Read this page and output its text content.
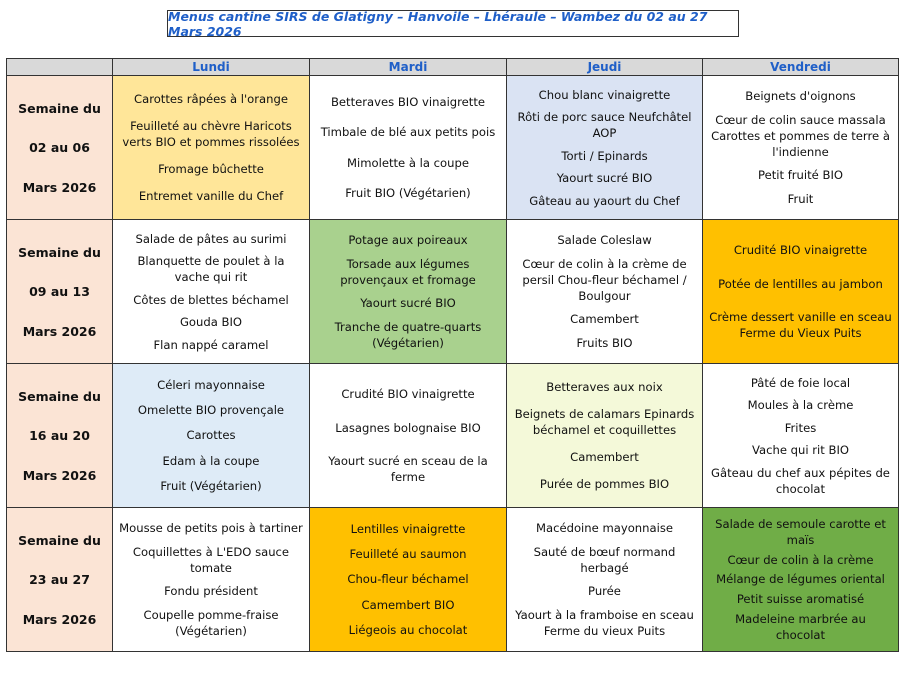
Menus cantine SIRS de Glatigny – Hanvoile – Lhéraule – Wambez du 02 au 27 Mars 2026
	Lundi	Mardi	Jeudi	Vendredi

Semaine du
02 au 06
Mars 2026	Carottes râpées à l'orange
Feuilleté au chèvre Haricots verts BIO et pommes rissolées
Fromage bûchette
Entremet vanille du Chef	Betteraves BIO vinaigrette
Timbale de blé aux petits pois
Mimolette à la coupe
Fruit BIO (Végétarien)	Chou blanc vinaigrette
Rôti de porc sauce Neufchâtel AOP
Torti / Epinards
Yaourt sucré BIO
Gâteau au yaourt du Chef	Beignets d'oignons
Cœur de colin sauce massala Carottes et pommes de terre à l'indienne
Petit fruité BIO
Fruit

Semaine du
09 au 13
Mars 2026	Salade de pâtes au surimi
Blanquette de poulet à la vache qui rit
Côtes de blettes béchamel
Gouda BIO
Flan nappé caramel	Potage aux poireaux
Torsade aux légumes provençaux et fromage
Yaourt sucré BIO
Tranche de quatre-quarts (Végétarien)	Salade Coleslaw
Cœur de colin à la crème de persil Chou-fleur béchamel / Boulgour
Camembert
Fruits BIO	Crudité BIO vinaigrette
Potée de lentilles au jambon
Crème dessert vanille en sceau Ferme du Vieux Puits

Semaine du
16 au 20
Mars 2026	Céleri mayonnaise
Omelette BIO provençale
Carottes
Edam à la coupe
Fruit (Végétarien)	Crudité BIO vinaigrette
Lasagnes bolognaise BIO
Yaourt sucré en sceau de la ferme	Betteraves aux noix
Beignets de calamars Epinards béchamel et coquillettes
Camembert
Purée de pommes BIO	Pâté de foie local
Moules à la crème
Frites
Vache qui rit BIO
Gâteau du chef aux pépites de chocolat

Semaine du
23 au 27
Mars 2026	Mousse de petits pois à tartiner
Coquillettes à L'EDO sauce tomate
Fondu président
Coupelle pomme-fraise (Végétarien)	Lentilles vinaigrette
Feuilleté au saumon
Chou-fleur béchamel
Camembert BIO
Liégeois au chocolat	Macédoine mayonnaise
Sauté de bœuf normand herbagé
Purée
Yaourt à la framboise en sceau Ferme du vieux Puits	Salade de semoule carotte et maïs
Cœur de colin à la crème
Mélange de légumes oriental
Petit suisse aromatisé
Madeleine marbrée au chocolat
